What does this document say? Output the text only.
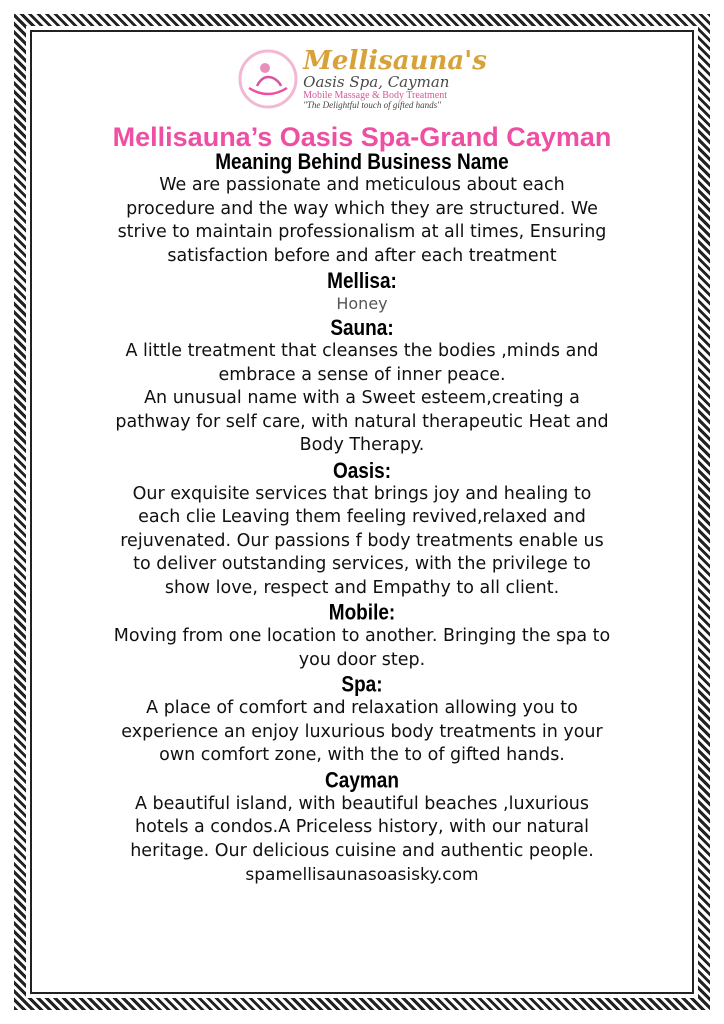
Mellisauna's
Oasis Spa, Cayman
Mobile Massage & Body Treatment
"The Delightful touch of gifted hands"
Mellisauna’s Oasis Spa-Grand Cayman
Meaning Behind Business Name

We are passionate and meticulous about each
procedure and the way which they are structured. We
strive to maintain professionalism at all times, Ensuring
satisfaction before and after each treatment

Mellisa:

Honey

Sauna:

A little treatment that cleanses the bodies ,minds and
embrace a sense of inner peace.
An unusual name with a Sweet esteem,creating a
pathway for self care, with natural therapeutic Heat and
Body Therapy.

Oasis:

Our exquisite services that brings joy and healing to
each clie Leaving them feeling revived,relaxed and
rejuvenated. Our passions f body treatments enable us
to deliver outstanding services, with the privilege to
show love, respect and Empathy to all client.

Mobile:

Moving from one location to another. Bringing the spa to
you door step.

Spa:

A place of comfort and relaxation allowing you to
experience an enjoy luxurious body treatments in your
own comfort zone, with the to of gifted hands.

Cayman

A beautiful island, with beautiful beaches ,luxurious
hotels a condos.A Priceless history, with our natural
heritage. Our delicious cuisine and authentic people.

spamellisaunasoasisky.com
